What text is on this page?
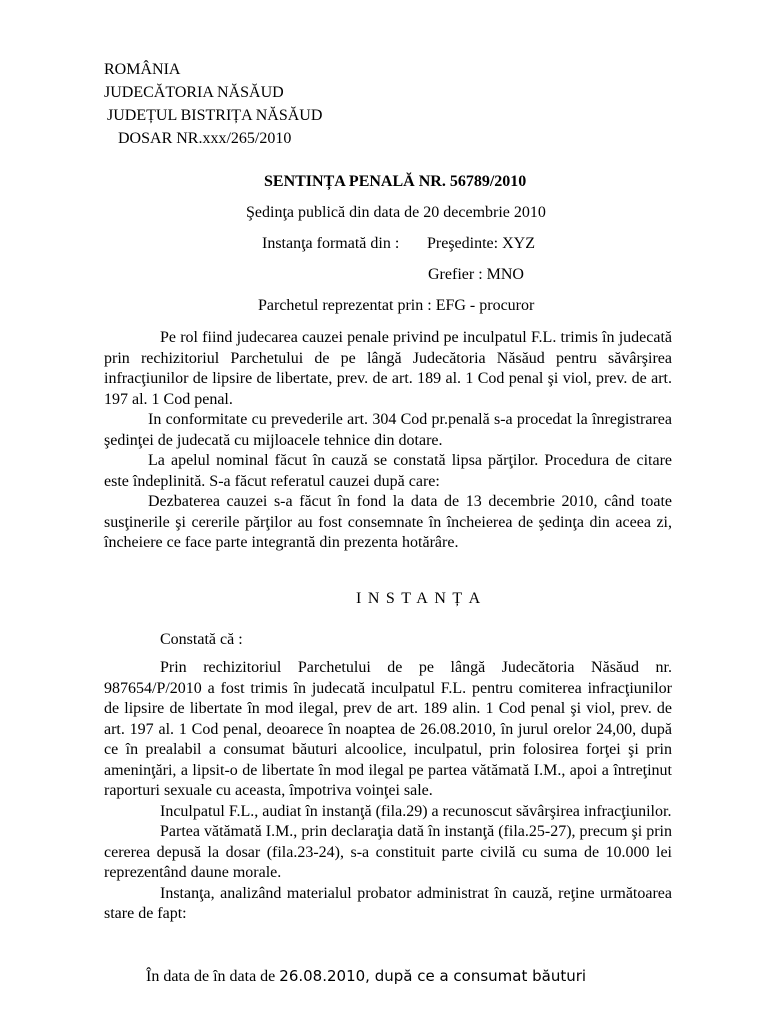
ROMÂNIA
JUDECĂTORIA NĂSĂUD
JUDEȚUL BISTRIȚA NĂSĂUD
DOSAR NR.xxx/265/2010
SENTINȚA PENALĂ NR. 56789/2010
Şedinţa publică din data de 20 decembrie 2010
Instanţa formată din : Preşedinte: XYZ
Grefier : MNO
Parchetul reprezentat prin : EFG - procuror

Pe rol fiind judecarea cauzei penale privind pe inculpatul F.L. trimis în judecată prin rechizitoriul Parchetului de pe lângă Judecătoria Năsăud pentru săvârşirea infracţiunilor de lipsire de libertate, prev. de art. 189 al. 1 Cod penal şi viol, prev. de art. 197 al. 1 Cod penal.

In conformitate cu prevederile art. 304 Cod pr.penală s-a procedat la înregistrarea şedinţei de judecată cu mijloacele tehnice din dotare.

La apelul nominal făcut în cauză se constată lipsa părţilor. Procedura de citare este îndeplinită. S-a făcut referatul cauzei după care:

Dezbaterea cauzei s-a făcut în fond la data de 13 decembrie 2010, când toate susţinerile şi cererile părţilor au fost consemnate în încheierea de şedinţa din aceea zi, încheiere ce face parte integrantă din prezenta hotărâre.

INSTANȚA
Constată că :

Prin rechizitoriul Parchetului de pe lângă Judecătoria Năsăud nr. 987654/P/2010 a fost trimis în judecată inculpatul F.L. pentru comiterea infracţiunilor de lipsire de libertate în mod ilegal, prev de art. 189 alin. 1 Cod penal şi viol, prev. de art. 197 al. 1 Cod penal, deoarece în noaptea de 26.08.2010, în jurul orelor 24,00, după ce în prealabil a consumat băuturi alcoolice, inculpatul, prin folosirea forţei şi prin ameninţări, a lipsit-o de libertate în mod ilegal pe partea vătămată I.M., apoi a întreţinut raporturi sexuale cu aceasta, împotriva voinţei sale.

Inculpatul F.L., audiat în instanţă (fila.29) a recunoscut săvârşirea infracţiunilor.

Partea vătămată I.M., prin declaraţia dată în instanţă (fila.25-27), precum şi prin cererea depusă la dosar (fila.23-24), s-a constituit parte civilă cu suma de 10.000 lei reprezentând daune morale.

Instanţa, analizând materialul probator administrat în cauză, reţine următoarea stare de fapt:

În data de în data de 26.08.2010, după ce a consumat băuturi
